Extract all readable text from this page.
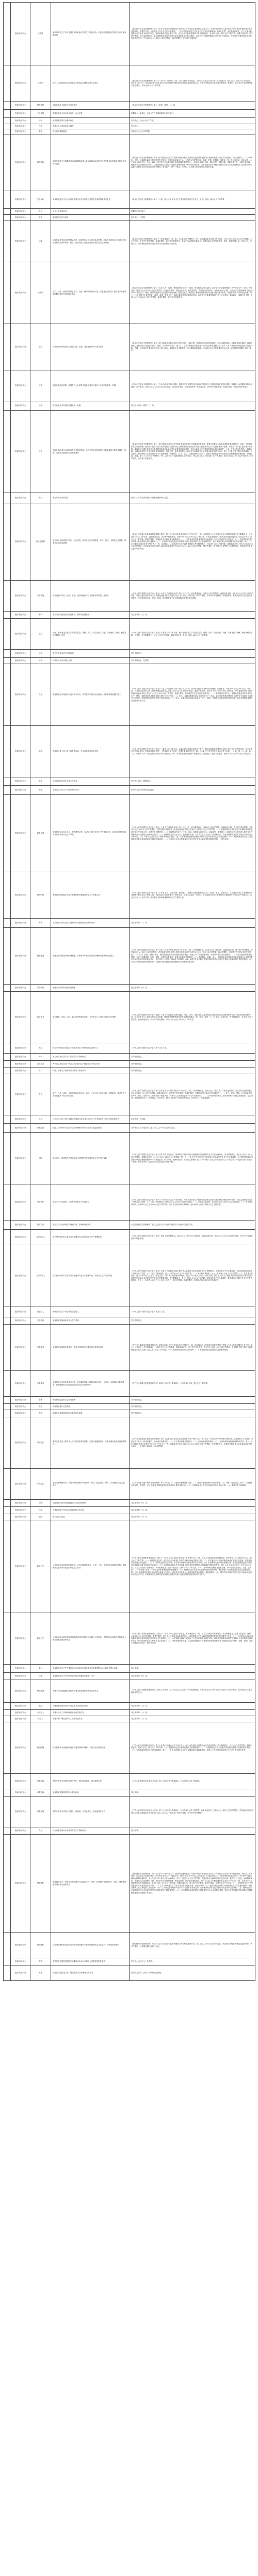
	危险物品 安全	无资质	未取得安全生产许可证擅自从事危险化学品生产经营活动；未依法取得危险化学品经营许可证从事经营	《危险化学品安全管理条例》第七十七条 未依法取得危险化学品安全生产许可证从事危险化学品生产，或者未依法取得工业产品生产许可证从事危险化学品及其包装物、容器生产的，分别依照《安全生产许可证条例》、《中华人民共和国工业产品生产许可证管理条例》的规定处罚。违反本条例规定，化工企业未取得危险化学品安全使用许可证，使用危险化学品从事生产的，由安全生产监督管理部门责令限期改正，处10万元以上20万元以下的罚款；逾期不改正的，责令停产整顿。违反本条例规定，未取得危险化学品经营许可证从事危险化学品经营的，由安全生产监督管理部门责令停止经营活动，没收违法经营的危险化学品以及违法所得，并处10万元以上20万元以下的罚款；构成犯罪的，依法追究刑事责任。
	危险物品 安全	未登记	生产、储存危险化学品的企业未按规定办理危险化学品登记	《危险化学品安全管理条例》第八十一条 有下列情形之一的，由公安机关责令改正，可以处1万元以下的罚款；拒不改正的，处1万元以上5万元以下的罚款。第七十八条 生产、储存危险化学品的单位未对其铺设的危险化学品管道设置明显的标志，或者未对危险化学品管道定期检查、检测的，由安全生产监督管理部门责令改正，可以处5万元以下的罚款。
	危险物品 安全	储存违规	危险化学品未储存在专用仓库内	《危险化学品安全管理条例》第八十条第一款第（二）项。
	危险物品 安全	专人管理	剧毒化学品未实行双人收发、双人保管	依据第八十条规定，由安全生产监督管理部门责令改正。
	危险物品 安全	标识	未设置明显的安全警示标志	责令改正，处5万元以下罚款。
	危险物品 安全	台账	未建立出入库核查登记制度	责令改正。
	危险物品 安全	隐患	存在重大事故隐患	可以处5万元以下的罚款。
	危险物品 安全	储存设施	危险化学品生产装置或者储存数量构成重大危险源的储存设施与人员密集场所的距离不符合国家有关规定	《危险化学品安全管理条例》第十九条 危险化学品生产装置或者储存数量构成重大危险源的危险化学品储存设施（运输工具加油站、加气站除外），与下列场所、设施、区域的距离应当符合国家有关规定：居住区以及商业中心、公园等人员密集场所；学校、医院、影剧院、体育场（馆）等公共设施；饮用水源、水厂以及水源保护区；车站、码头（依法经许可从事危险化学品装卸作业的除外）、机场以及通信干线、通信枢纽、铁路线路、道路交通干线、水路交通干线、地铁风亭以及地铁站出入口。已建的危险化学品生产装置或者储存设施不符合前款规定的，由所在地设区的市级人民政府安全生产监督管理部门会同有关部门监督其所属单位在规定期限内进行整改；需要转产、停产、搬迁、关闭的，由本级人民政府决定并组织实施。
	危险物品 安全	安全评价	未按规定进行安全评价或者未将安全评价报告以及整改方案的落实情况报备	《危险化学品安全管理条例》第二十二条。第八十条 由安全生产监督管理部门责令改正，处5万元以上10万元以下的罚款。
	危险物品 安全	人员	从业人员未经培训	依据规定责令改正。
	危险物品 安全	资质	装卸管理人员无资格	责令改正，处罚款。
	危险物品 安全	运输	运输危险化学品未配备押运人员，或者押运人员未取得从业资格；托运人未向承运人说明所托运的危险化学品的种类、数量、危险特性以及发生危险情况的应急处置措施	《危险化学品安全管理条例》第四十三条至第四十八条。第八十六条 有下列情形之一的，由交通运输主管部门责令改正，处5万元以上10万元以下的罚款；拒不改正的，责令停产停业整顿；构成犯罪的，依法追究刑事责任：危险化学品道路运输企业、水路运输企业的驾驶人员、船员、装卸管理人员、押运人员、申报人员、集装箱装箱现场检查员未取得从业资格上岗作业的。
	危险物品 安全	无资质	生产、经营、使用国家禁止生产、经营、使用的危险化学品，或者违反国家关于危险化学品使用的限制性规定使用危险化学品	《危险化学品安全管理条例》第七十五条 生产、经营、使用国家禁止生产、经营、使用的危险化学品的，由安全生产监督管理部门责令停止生产、经营、使用活动，处20万元以上50万元以下的罚款，有违法所得的，没收违法所得；构成犯罪的，依法追究刑事责任。有前款规定行为的，安全生产监督管理部门还应当责令其对所生产、经营、使用的危险化学品进行无害化处理。违反国家关于危险化学品使用的限制性规定使用危险化学品的，依照本条第一款的规定处理。第七十六条 未经安全条件审查，新建、改建、扩建生产、储存危险化学品的建设项目的，由安全生产监督管理部门责令停止建设，限期改正；逾期不改正的，处50万元以上100万元以下的罚款；构成犯罪的，依法追究刑事责任。
	危险物品 安全	包装	对重复使用的危险化学品包装物、容器，在重复使用前不进行检查	《危险化学品安全管理条例》第十七条 危险化学品的包装应当符合法律、行政法规、规章的规定以及国家标准、行业标准的要求。危险化学品包装物、容器的材质以及危险化学品包装的型式、规格、方法和单件质量（重量），应当与所包装的危险化学品的性质和用途相适应。第十八条 对重复使用的危险化学品包装物、容器，使用单位在重复使用前应当进行检查；发现存在安全隐患的，应当维修或者更换。使用单位应当对检查情况作出记录，记录的保存期限不得少于2年。
	危险物品 安全	包装	危险化学品包装物、容器生产企业销售未经检验或者经检验不合格的包装物、容器	《危险化学品安全管理条例》第七十九条 危险化学品包装物、容器生产企业销售未经检验或者经检验不合格的危险化学品包装物、容器的，由质量监督检验检疫部门责令改正，处10万元以上20万元以下的罚款，有违法所得的，没收违法所得；拒不改正的，责令停产停业整顿；构成犯罪的，依法追究刑事责任。
	危险物品 安全	检测	未对危险化学品管道定期检查、检测	第七十八条第一款第（二）项。
	危险物品 安全	应急	危险化学品单位未制定事故应急救援预案，或者未配备应急救援人员和必要的应急救援器材、设备，或者未定期组织应急救援演练	《危险化学品安全管理条例》第七十条 危险化学品单位应当制定本单位危险化学品事故应急预案，配备应急救援人员和必要的应急救援器材、设备，并定期组织应急救援演练。危险化学品单位应当将其危险化学品事故应急预案报所在地设区的市级人民政府安全生产监督管理部门备案。第七十一条 发生危险化学品事故，事故单位主要负责人应当立即按照本单位危险化学品应急预案组织救援，并向当地安全生产监督管理部门和环境保护、公安、卫生主管部门报告；道路运输、水路运输过程中发生危险化学品事故的，驾驶人员、船员或者押运人员还应当向事故发生地交通运输主管部门报告。第七十二条 发生危险化学品事故，有关地方人民政府应当立即组织安全生产监督管理、环境保护、公安、卫生、交通运输等有关部门，按照本地区危险化学品事故应急预案组织实施救援，不得拖延、推诿。第七十八条 有下列情形之一的，由安全生产监督管理部门责令改正，可以处5万元以下的罚款；拒不改正的，处5万元以上10万元以下的罚款；情节严重的，责令停产停业整顿。
	危险物品 安全	报告	发生事故未及时报告	依照《生产安全事故报告和调查处理条例》处罚。
	危险物品 安全	重大危险源	未对重大危险源进行辨识、登记建档，或者未进行定期检测、评估、监控，未制定应急预案，或者未告知应急措施	《危险化学品重大危险源监督管理暂行规定》第三十二条 危险化学品单位有下列行为之一的，由县级以上人民政府安全生产监督管理部门责令限期改正，可以处10万元以下的罚款；逾期未改正的，责令停产停业整顿，并处10万元以上20万元以下的罚款，对其直接负责的主管人员和其他直接责任人员处2万元以上5万元以下的罚款；构成犯罪的，依照刑法有关规定追究刑事责任：（一）未按照本规定要求对重大危险源进行安全评估或者安全评价的；（二）未按照本规定要求对重大危险源进行登记建档的；（三）未按照本规定及相关标准要求对重大危险源进行安全监测监控的；（四）未制定重大危险源事故应急预案的。第三十三条 危险化学品单位有下列行为之一的，由县级以上人民政府安全生产监督管理部门责令限期改正，可以处5万元以下的罚款；逾期未改正的，处5万元以上20万元以下的罚款，对其直接负责的主管人员和其他直接责任人员处1万元以上2万元以下的罚款；情节严重的，责令停产停业整顿；构成犯罪的，依照刑法有关规定追究刑事责任。
	危险物品 安全	安全设施	安全设备的安装、使用、检测、改造和报废不符合国家标准或者行业标准	《中华人民共和国安全生产法》第九十九条 生产经营单位有下列行为之一的，责令限期改正，处5万元以下的罚款；逾期未改正的，处5万元以上20万元以下的罚款，对其直接负责的主管人员和其他直接责任人员处1万元以上2万元以下的罚款；情节严重的，责令停产停业整顿；构成犯罪的，依照刑法有关规定追究刑事责任：安全设备的安装、使用、检测、改造和报废不符合国家标准或者行业标准的。
	危险物品 安全	维护	未对安全设备进行经常性维护、保养和定期检测	同上条款第（三）项。
	危险物品 安全	监控	关闭、破坏直接关系生产安全的监控、报警、防护、救生设备、设施，或者篡改、隐瞒、销毁其相关数据、信息	《中华人民共和国安全生产法》第九十九条第（四）项 关闭、破坏直接关系生产安全的监控、报警、防护、救生设备、设施，或者篡改、隐瞒、销毁其相关数据、信息的，责令限期改正，处5万元以下的罚款；逾期未改正的，处5万元以上20万元以下的罚款。
	危险物品 安全	检测	未对安全设备进行定期检测	责令限期改正。
	危险物品 安全	培训	特种作业人员未持证上岗	责令限期改正，处罚款。
	危险物品 安全	设计	未按照规定对建设项目进行安全评价，或者建设项目安全设施设计未经审查同意擅自施工	《中华人民共和国安全生产法》第九十八条 生产经营单位有下列行为之一的，责令停止建设或者停产停业整顿，限期改正，并处10万元以上50万元以下的罚款，对其直接负责的主管人员和其他直接责任人员处2万元以上5万元以下的罚款；逾期未改正的，处50万元以上100万元以下的罚款，对其直接负责的主管人员和其他直接责任人员处5万元以上10万元以下的罚款；构成犯罪的，依照刑法有关规定追究刑事责任：（一）未按照规定对矿山、金属冶炼建设项目或者用于生产、储存、装卸危险物品的建设项目进行安全评价的；（二）矿山、金属冶炼建设项目或者用于生产、储存、装卸危险物品的建设项目没有安全设施设计或者安全设施设计未按照规定报经有关部门审查同意的；（三）矿山、金属冶炼建设项目或者用于生产、储存、装卸危险物品的建设项目的施工单位未按照批准的安全设施设计施工的。
	危险物品 安全	验收	建设项目竣工投入生产或者使用前，安全设施未经验收合格	《中华人民共和国安全生产法》第九十八条第（四）项 矿山、金属冶炼建设项目或者用于生产、储存危险物品的建设项目竣工投入生产或者使用前，安全设施未经验收合格的。依照前款规定处罚。《建设项目安全设施“三同时”监督管理办法》第二十八条 生产经营单位对本办法第七条第（一）项、第（二）项、第（三）项和第（四）项规定的建设项目有下列情形之一的，责令停止建设或者停产停业整顿，限期改正；逾期未改正的，处50万元以上100万元以下的罚款。
	危险物品 安全	变更	安全设施设计重大变更未经审查	责令停止建设，限期改正。
	危险物品 安全	其他	其他违反安全生产法律法规的行为	依照有关法律法规的规定处罚。
	危险物品 安全	教育培训	未按照规定对从业人员、被派遣劳动者、实习学生进行安全生产教育和培训，或者未按照规定如实告知有关的安全生产事项	《中华人民共和国安全生产法》第九十七条 生产经营单位有下列行为之一的，责令限期改正，处10万元以下的罚款；逾期未改正的，责令停产停业整顿，并处10万元以上20万元以下的罚款，对其直接负责的主管人员和其他直接责任人员处2万元以上5万元以下的罚款：（一）未按照规定设置安全生产管理机构或者配备安全生产管理人员、注册安全工程师的；（二）危险物品的生产、经营、储存、装卸单位以及矿山、金属冶炼、建筑施工、运输单位的主要负责人和安全生产管理人员未按照规定经考核合格的；（三）未按照规定对从业人员、被派遣劳动者、实习学生进行安全生产教育和培训，或者未按照规定如实告知有关的安全生产事项的；（四）未如实记录安全生产教育和培训情况的；（五）未将事故隐患排查治理情况如实记录或者未向从业人员通报的；（六）未按照规定制定生产安全事故应急救援预案或者未定期组织演练的；（七）特种作业人员未按照规定经专门的安全作业培训并取得相应资格，上岗作业的。
	危险物品 安全	管理机构	未按照规定设置安全生产管理机构或者配备安全生产管理人员	《中华人民共和国安全生产法》第二十四条 矿山、金属冶炼、建筑施工、运输单位和危险物品的生产、经营、储存、装卸单位，应当设置安全生产管理机构或者配备专职安全生产管理人员。前款规定以外的其他生产经营单位，从业人员超过一百人的，应当设置安全生产管理机构或者配备专职安全生产管理人员；从业人员在一百人以下的，应当配备专职或者兼职的安全生产管理人员。
	危险物品 安全	考核	主要负责人和安全生产管理人员未按照规定经考核合格	同上条款第（二）项。
	危险物品 安全	隐患排查	未建立事故隐患排查治理制度，或者重大事故隐患排查治理情况未按照规定报告	《中华人民共和国安全生产法》第一百零一条 生产经营单位有下列行为之一的，责令限期改正，处10万元以下的罚款；逾期未改正的，责令停产停业整顿，并处10万元以上20万元以下的罚款，对其直接负责的主管人员和其他直接责任人员处2万元以上5万元以下的罚款；构成犯罪的，依照刑法有关规定追究刑事责任：（一）生产、经营、运输、储存、使用危险物品或者处置废弃危险物品，未建立专门安全管理制度、未采取可靠的安全措施的；（二）对重大危险源未登记建档，未进行定期检测、评估、监控，未制定应急预案，或者未告知应急措施的；（三）进行爆破、吊装、动火、临时用电以及国务院应急管理部门会同国务院有关部门规定的其他危险作业，未安排专门人员进行现场安全管理的；（四）未建立安全风险分级管控制度或者未按照安全风险分级采取相应管控措施的；（五）未建立事故隐患排查治理制度，或者重大事故隐患排查治理情况未按照规定报告的。
	危险物品 安全	风险管控	未建立安全风险分级管控制度	同上条款第（四）项。
	危险物品 安全	危险作业	进行爆破、吊装、动火、临时用电等危险作业，未安排专门人员进行现场安全管理	《中华人民共和国安全生产法》第四十三条 生产经营单位进行爆破、吊装、动火、临时用电以及国务院应急管理部门会同国务院有关部门规定的其他危险作业，应当安排专门人员进行现场安全管理，确保操作规程的遵守和安全措施的落实。第一百零一条第（三）项 违反上述规定的，责令限期改正，处10万元以下的罚款；逾期未改正的，责令停产停业整顿，并处10万元以上20万元以下的罚款。
	危险物品 安全	发包	将生产经营项目发包给不具备安全生产条件的单位或者个人	《中华人民共和国安全生产法》第一百零三条。
	危险物品 安全	协议	未与承包单位签订专门的安全生产管理协议	责令限期改正。
	危险物品 安全	交叉作业	两个以上单位在同一作业区域内进行生产经营活动未签订协议	责令限期改正。
	危险物品 安全	出口	封闭、堵塞生产经营场所或者员工宿舍出口	责令限期改正。
	危险物品 安全	宿舍	生产、经营、储存、使用危险物品的车间、商店、仓库与员工宿舍在同一座建筑内，或者与员工宿舍的距离不符合安全要求	《中华人民共和国安全生产法》第一百零五条 生产经营单位有下列行为之一的，责令限期改正，处5万元以下的罚款，对其直接负责的主管人员和其他直接责任人员可以处1万元以下的罚款；逾期未改正的，责令停产停业整顿；构成犯罪的，依照刑法有关规定追究刑事责任：（一）生产、经营、储存、使用危险物品的车间、商店、仓库与员工宿舍在同一座建筑内，或者与员工宿舍的距离不符合安全要求的；（二）生产经营场所和员工宿舍未设有符合紧急疏散需要、标志明显、保持畅通的出口、疏散通道，或者占用、锁闭、封堵生产经营场所或者员工宿舍出口、疏散通道的。
	危险物品 安全	协议	与从业人员订立协议免除或者减轻其对从业人员因生产安全事故伤亡依法应承担的责任	协议无效，处罚款。
	危险物品 安全	拒绝检查	拒绝、阻碍负有安全生产监督管理职责的部门依法实施监督检查	责令改正；拒不改正的，处2万元以上20万元以下的罚款。
	危险物品 安全	保险	高危行业、领域的生产经营单位未按照国家规定投保安全生产责任保险	《中华人民共和国安全生产法》第一百零九条 高危行业、领域的生产经营单位未按照国家规定投保安全生产责任保险的，责令限期改正，处5万元以上10万元以下的罚款；逾期未改正的，处10万元以上20万元以下的罚款。第一百一十条 生产经营单位的主要负责人在本单位发生生产安全事故时，不立即组织抢救或者在事故调查处理期间擅离职守或者逃匿的，给予降级、撤职的处分，并由应急管理部门处上一年年收入百分之六十至百分之一百的罚款；对逃匿的处十五日以下拘留；构成犯罪的，依照刑法有关规定追究刑事责任。
	危险物品 安全	事故责任	发生生产安全事故，对负有责任的生产经营单位	《中华人民共和国安全生产法》第一百一十四条 发生生产安全事故，对负有责任的生产经营单位除要求其依法承担相应的赔偿等责任外，由应急管理部门依照下列规定处以罚款：（一）发生一般事故的，处30万元以上100万元以下的罚款；（二）发生较大事故的，处100万元以上200万元以下的罚款；（三）发生重大事故的，处200万元以上1000万元以下的罚款；（四）发生特别重大事故的，处1000万元以上2000万元以下的罚款。
	危险物品 安全	情节严重	发生生产安全事故情节特别严重、影响特别恶劣的	可以按照前款罚款数额的二倍以上五倍以下对负有责任的生产经营单位处以罚款。
	危险物品 安全	主要负责人	生产经营单位的主要负责人未履行本法规定的安全生产管理职责	《中华人民共和国安全生产法》第九十四条 责令限期改正，处2万元以上5万元以下的罚款；逾期未改正的，处5万元以上10万元以下的罚款，责令生产经营单位停产停业整顿。
	危险物品 安全	主要负责人	生产经营单位的主要负责人未履行安全生产管理职责，导致发生生产安全事故	《中华人民共和国安全生产法》第九十五条 生产经营单位的主要负责人未履行本法规定的安全生产管理职责，导致发生生产安全事故的，由应急管理部门依照下列规定处以罚款：（一）发生一般事故的，处上一年年收入百分之四十的罚款；（二）发生较大事故的，处上一年年收入百分之六十的罚款；（三）发生重大事故的，处上一年年收入百分之八十的罚款；（四）发生特别重大事故的，处上一年年收入百分之一百的罚款。第九十六条 生产经营单位的其他负责人和安全生产管理人员未履行本法规定的安全生产管理职责的，责令限期改正，处1万元以上3万元以下的罚款；导致发生生产安全事故的，暂停或者吊销其与安全生产有关的资格，并处上一年年收入百分之二十以上百分之五十以下的罚款；构成犯罪的，依照刑法有关规定追究刑事责任。
	危险物品 安全	资金投入	未保证安全生产所必需的资金投入	《中华人民共和国安全生产法》第九十三条。
	危险物品 安全	安全费用	未按规定提取和使用安全生产费用	责令限期改正。
	危险物品 安全	应急预案	未按照规定编制应急预案，或者未按照规定定期组织应急预案演练	《生产安全事故应急预案管理办法》第四十四条 生产经营单位有下列情形之一的，由县级以上人民政府应急管理等部门依照《中华人民共和国安全生产法》第九十七条规定，责令限期改正，可以处5万元以下的罚款；逾期未改正的，责令停产停业整顿，并处5万元以上10万元以下的罚款，对直接负责的主管人员和其他直接责任人员处1万元以上2万元以下的罚款：（一）未按照规定编制应急预案的；（二）未按照规定定期组织应急预案演练的。
	危险物品 安全	应急预案	未按照规定开展应急预案评审，或者事故风险可能影响周边单位、人员的，未将事故风险的性质、影响范围和应急防范措施告知周边单位和人员	《生产安全事故应急预案管理办法》第四十五条 责令限期改正，可以处1万元以上3万元以下的罚款。
	危险物品 安全	备案	未按照规定进行应急预案备案	责令限期改正。
	危险物品 安全	修订	未按规定修订应急预案	责令限期改正。
	危险物品 安全	物资	未落实应急预案规定的应急物资及装备	责令限期改正。
	危险物品 安全	事故报告	事故发生单位主要负责人不立即组织事故抢救、迟报或者漏报事故、在事故调查处理期间擅离职守	《生产安全事故报告和调查处理条例》第三十五条 事故发生单位主要负责人有下列行为之一的，处上一年年收入40%至80%的罚款；属于国家工作人员的，并依法给予处分；构成犯罪的，依法追究刑事责任：（一）不立即组织事故抢救的；（二）迟报或者漏报事故的；（三）在事故调查处理期间擅离职守的。第三十六条 事故发生单位及其有关人员有下列行为之一的，对事故发生单位处100万元以上500万元以下的罚款；对主要负责人、直接负责的主管人员和其他直接责任人员处上一年年收入60%至100%的罚款。
	危险物品 安全	事故报告	谎报或者瞒报事故；伪造或者故意破坏事故现场；转移、隐匿资金、财产，或者销毁有关证据、资料	《生产安全事故报告和调查处理条例》第三十六条 （一）谎报或者瞒报事故的；（二）伪造或者故意破坏事故现场的；（三）转移、隐匿资金、财产，或者销毁有关证据、资料的；（四）拒绝接受调查或者拒绝提供有关情况和资料的；（五）在事故调查中作伪证或者指使他人作伪证的；（六）事故发生后逃匿的。
	危险物品 安全	调查	拒绝接受调查或者拒绝提供有关情况和资料	同上条款第（四）项。
	危险物品 安全	伪证	在事故调查中作伪证或者指使他人作伪证	同上条款第（五）项。
	危险物品 安全	逃匿	事故发生后逃匿	同上条款第（六）项。
	危险物品 安全	职业卫生	工作场所职业病危害因素检测、评价结果没有存档、上报、公布；未采取职业病防护措施；未按照规定组织劳动者进行职业卫生培训	《中华人民共和国职业病防治法》第七十一条 用人单位违反本法规定，有下列行为之一的，由卫生行政部门责令限期改正，给予警告，可以并处5万元以上10万元以下的罚款：（一）未按照规定及时、如实向卫生行政部门申报产生职业病危害的项目的；（二）未实施由专人负责的职业病危害因素日常监测，或者监测系统不能正常监测的；（三）订立或者变更劳动合同时，未告知劳动者职业病危害真实情况的；（四）未按照规定组织职业健康检查、建立职业健康监护档案或者未将检查结果书面告知劳动者的；（五）未依照本法规定在劳动者离开用人单位时提供职业健康监护档案复印件的。第七十条 违反本法规定，有下列行为之一的，由卫生行政部门给予警告，责令限期改正；逾期不改正的，处10万元以下的罚款：（一）工作场所职业病危害因素检测、评价结果没有存档、上报、公布的；（二）未采取本法第二十条规定的职业病防治管理措施的；（三）未按照规定公布有关职业病防治的规章制度、操作规程、职业病危害事故应急救援措施的；（四）未按照规定组织劳动者进行职业卫生培训，或者未对劳动者个人职业病防护采取指导、督促措施的；（五）国内首次使用或者首次进口与职业病危害有关的化学材料，未按照规定报送毒性鉴定资料以及经有关部门登记注册或者批准进口的文件的。
	危险物品 安全	职业卫生	工作场所职业病危害因素的强度或者浓度超过国家职业卫生标准；未提供职业病防护设施和个人使用的职业病防护用品	《中华人民共和国职业病防治法》第七十二条 用人单位违反本法规定，有下列情形之一的，由卫生行政部门给予警告，责令限期改正，逾期不改正的，处5万元以上20万元以下的罚款；情节严重的，责令停止产生职业病危害的作业，或者提请有关人民政府按照国务院规定的权限责令关闭：（一）工作场所职业病危害因素的强度或者浓度超过国家职业卫生标准的；（二）未提供职业病防护设施和个人使用的职业病防护用品，或者提供的职业病防护设施和个人使用的职业病防护用品不符合国家职业卫生标准和卫生要求的；（三）对职业病防护设备、应急救援设施和个人使用的职业病防护用品未按照规定进行维护、检修、检测，或者不能保持正常运行、使用状态的。
	危险物品 安全	警示	未按照规定在产生严重职业病危害的作业岗位醒目位置设置警示标识和中文警示说明	同上条款。
	危险物品 安全	检测	未按照规定对工作场所职业病危害因素进行检测、评价	同上条款第（四）项。
	危险物品 安全	职业健康	安排未经职业健康检查的劳动者从事接触职业病危害的作业	《中华人民共和国职业病防治法》第七十五条第（七）项 由卫生行政部门责令限期治理，并处5万元以上30万元以下的罚款；情节严重的，责令停止产生职业病危害的作业。
	危险物品 安全	禁忌	安排有职业禁忌的劳动者从事其所禁忌的作业	同上条款第（七）项。
	危险物品 安全	未成年人	安排未成年工从事接触职业病危害的作业	同上条款第（八）项。
	危险物品 安全	女职工	安排孕期、哺乳期女职工从事禁忌作业	同上条款第（八）项。
	危险物品 安全	粉尘防爆	粉尘防爆安全设施未按规定设置或者维护保养，未建立粉尘清扫制度	《工贸企业粉尘防爆安全规定》第三十条 粉尘涉爆企业有下列行为之一的，由负责粉尘涉爆企业安全监管的部门责令限期改正，处3万元以下的罚款；逾期未改正的，处3万元以上10万元以下的罚款：（一）未按照规定建立粉尘防爆安全管理制度的；（二）未按照规定对粉尘防爆安全设备设施进行检查维护保养的；（三）未按照规定建立粉尘清扫制度的。第三十一条 粉尘涉爆企业存在粉尘爆炸重大事故隐患的，依照《中华人民共和国安全生产法》有关规定处罚。
	危险物品 安全	有限空间	有限空间作业未按规定进行辨识、提出防范措施、建立管理台账	《工贸企业有限空间作业安全规定》第二十四条 责令限期改正，可以处5万元以下的罚款。
	危险物品 安全	有限空间	未按规定设置明显的安全警示标志	同上条款。
	危险物品 安全	有限空间	有限空间作业未执行先通风、再检测、后作业原则，未配备监护人员	《工贸企业有限空间作业安全规定》第二十五条 责令限期改正，可以处5万元以下的罚款；逾期未改正的，处5万元以上20万元以下的罚款，对其直接负责的主管人员和其他直接责任人员处1万元以上2万元以下的罚款；情节严重的，责令停产停业整顿。
	危险物品 安全	外包	外包有限空间作业未签订安全生产管理协议	同上条款。
	危险物品 安全	烟花爆竹	烟花爆竹生产、经营企业未取得许可证擅自生产、经营，或者超许可范围生产、经营；储存烟花爆竹超出核定储存数量	《烟花爆竹安全管理条例》第三十六条 对未经许可生产、经营烟花爆竹制品，或者向未取得烟花爆竹安全生产许可的单位或者个人销售黑火药、烟火药、引火线的，由安全生产监督管理部门责令停止非法生产、经营活动，处2万元以上10万元以下的罚款，并没收非法生产、经营的物品及违法所得。对未经许可经由道路运输烟花爆竹的，由公安部门责令停止非法运输活动，处1万元以上5万元以下的罚款，并没收非法运输的物品及违法所得。非法生产、经营、运输烟花爆竹，构成违反治安管理行为的，依法给予治安管理处罚；构成犯罪的，依法追究刑事责任。第三十七条 生产烟花爆竹的企业有下列行为之一的，由安全生产监督管理部门责令限期改正，处1万元以上5万元以下的罚款；逾期不改正的，责令停产停业整顿，情节严重的，吊销安全生产许可证：（一）未按照安全生产许可证核定的产品种类进行生产的；（二）生产工序或者生产作业不符合有关国家标准、行业标准的；（三）雇佣未经设区的市人民政府安全生产监督管理部门考核合格的人员从事危险工序作业的；（四）生产烟花爆竹使用的原料不符合国家标准规定的，或者使用的原料超过国家标准规定的用量限制的；（五）使用按照国家标准规定禁止使用或者禁忌配伍的物质生产烟花爆竹的；（六）未按照国家标准的规定在烟花爆竹产品上标注燃放说明，或者未在烟花爆竹的包装物上印制易燃易爆危险物品警示标志的。
	危险物品 安全	烟花爆竹	从事烟花爆竹批发的企业向从事烟花爆竹零售的经营者供应非法生产、经营的烟花爆竹	《烟花爆竹安全管理条例》第三十八条 由安全生产监督管理部门责令停止违法行为，处2万元以上10万元以下的罚款，并没收非法经营的物品及违法所得；情节严重的，吊销烟花爆竹经营许可证。
	危险物品 安全	零售	零售经营者销售按照国家标准规定应由专业燃放人员燃放的烟花爆竹	责令停止违法行为，处罚款。
	危险物品 安全	其他	其他违反危险化学品、烟花爆竹安全管理规定的行为	依照有关法律、法规、规章的规定处理。
